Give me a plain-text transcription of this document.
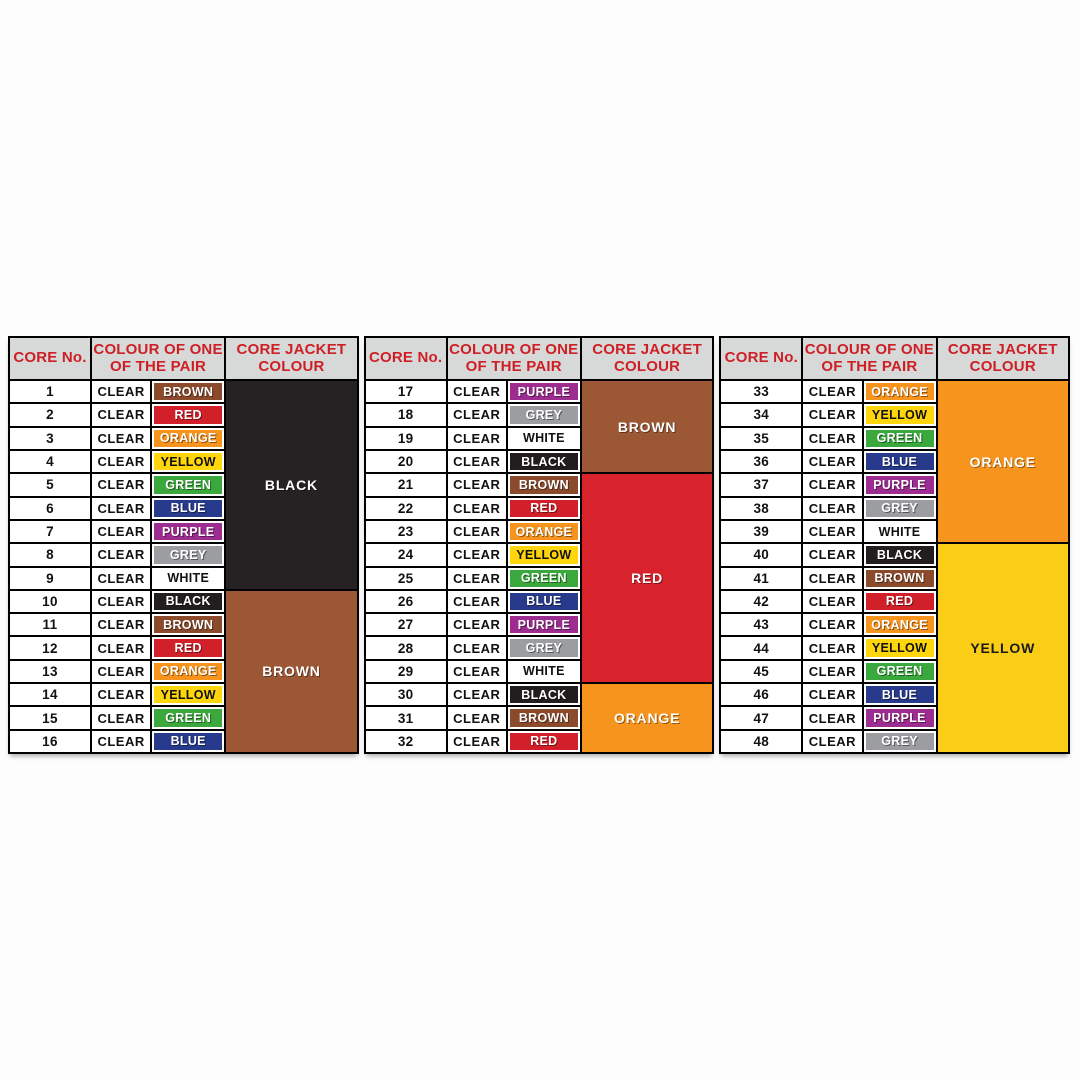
CORE No.	COLOUR OF ONE OF THE PAIR		CORE JACKET COLOUR
1	CLEAR	BROWN	BLACK
2	CLEAR	RED	
3	CLEAR	ORANGE	
4	CLEAR	YELLOW	
5	CLEAR	GREEN	
6	CLEAR	BLUE	
7	CLEAR	PURPLE	
8	CLEAR	GREY	
9	CLEAR	WHITE	
10	CLEAR	BLACK	BROWN
11	CLEAR	BROWN	
12	CLEAR	RED	
13	CLEAR	ORANGE	
14	CLEAR	YELLOW	
15	CLEAR	GREEN	
16	CLEAR	BLUE	
CORE No.	COLOUR OF ONE OF THE PAIR		CORE JACKET COLOUR
17	CLEAR	PURPLE	BROWN
18	CLEAR	GREY	
19	CLEAR	WHITE	
20	CLEAR	BLACK	
21	CLEAR	BROWN	RED
22	CLEAR	RED	
23	CLEAR	ORANGE	
24	CLEAR	YELLOW	
25	CLEAR	GREEN	
26	CLEAR	BLUE	
27	CLEAR	PURPLE	
28	CLEAR	GREY	
29	CLEAR	WHITE	
30	CLEAR	BLACK	ORANGE
31	CLEAR	BROWN	
32	CLEAR	RED	
CORE No.	COLOUR OF ONE OF THE PAIR		CORE JACKET COLOUR
33	CLEAR	ORANGE	ORANGE
34	CLEAR	YELLOW	
35	CLEAR	GREEN	
36	CLEAR	BLUE	
37	CLEAR	PURPLE	
38	CLEAR	GREY	
39	CLEAR	WHITE	
40	CLEAR	BLACK	YELLOW
41	CLEAR	BROWN	
42	CLEAR	RED	
43	CLEAR	ORANGE	
44	CLEAR	YELLOW	
45	CLEAR	GREEN	
46	CLEAR	BLUE	
47	CLEAR	PURPLE	
48	CLEAR	GREY	
